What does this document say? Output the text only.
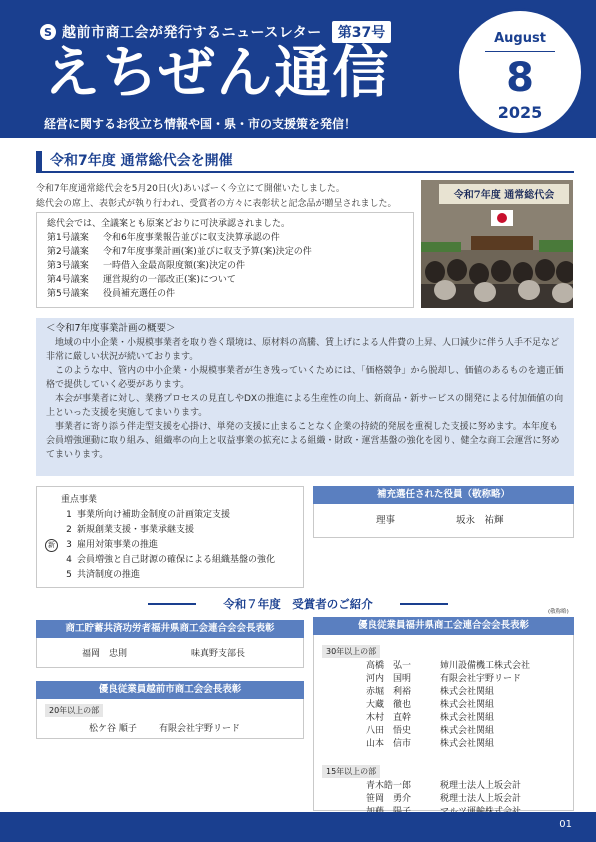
S 越前市商工会が発行するニュースレター	第37号
えちぜん通信
経営に関するお役立ち情報や国・県・市の支援策を発信！
August
8
2025
令和7年度 通常総代会を開催
令和7年度通常総代会を5月20日(火)あいぱーく今立にて開催いたしました。
総代会の席上、表彰式が執り行われ、受賞者の方々に表彰状と記念品が贈呈されました。
総代会では、全議案とも原案どおりに可決承認されました。
第1号議案 令和6年度事業報告並びに収支決算承認の件
第2号議案 令和7年度事業計画(案)並びに収支予算(案)決定の件
第3号議案 一時借入金最高限度額(案)決定の件
第4号議案 運営規約の一部改正(案)について
第5号議案 役員補充選任の件
令和7年度 通常総代会
＜令和7年度事業計画の概要＞
地域の中小企業・小規模事業者を取り巻く環境は、原材料の高騰、賃上げによる人件費の上昇、人口減少に伴う人手不足など非常に厳しい状況が続いております。
このような中、管内の中小企業・小規模事業者が生き残っていくためには、「価格競争」から脱却し、価値のあるものを適正価格で提供していく必要があります。
本会が事業者に対し、業務プロセスの見直しやDXの推進による生産性の向上、新商品・新サービスの開発による付加価値の向上といった支援を実施してまいります。
事業者に寄り添う伴走型支援を心掛け、単発の支援に止まることなく企業の持続的発展を重視した支援に努めます。本年度も会員増強運動に取り組み、組織率の向上と収益事業の拡充による組織・財政・運営基盤の強化を図り、健全な商工会運営に努めてまいります。
重点事業
1 事業所向け補助金制度の計画策定支援
2 新規創業支援・事業承継支援
新	3 雇用対策事業の推進
4 会員増強と自己財源の確保による組織基盤の強化
5 共済制度の推進
補充選任された役員（敬称略）
理事	坂永　祐輝
令和７年度　受賞者のご紹介
(敬称略)
商工貯蓄共済功労者福井県商工会連合会会長表彰
福岡　忠則	味真野支部長
優良従業員越前市商工会会長表彰
20年以上の部
松ケ谷 順子 有限会社宇野リード
優良従業員福井県商工会連合会会長表彰
30年以上の部
高橋　弘一	姉川設備機工株式会社
河内　国明	有限会社宇野リード
赤堀　利裕	株式会社関組
大藏　徹也	株式会社関組
木村　直幹	株式会社関組
八田　悟史	株式会社関組
山本　信市	株式会社関組
15年以上の部
青木皓一郎	税理士法人上坂会計
笹岡　勇介	税理士法人上坂会計
01
